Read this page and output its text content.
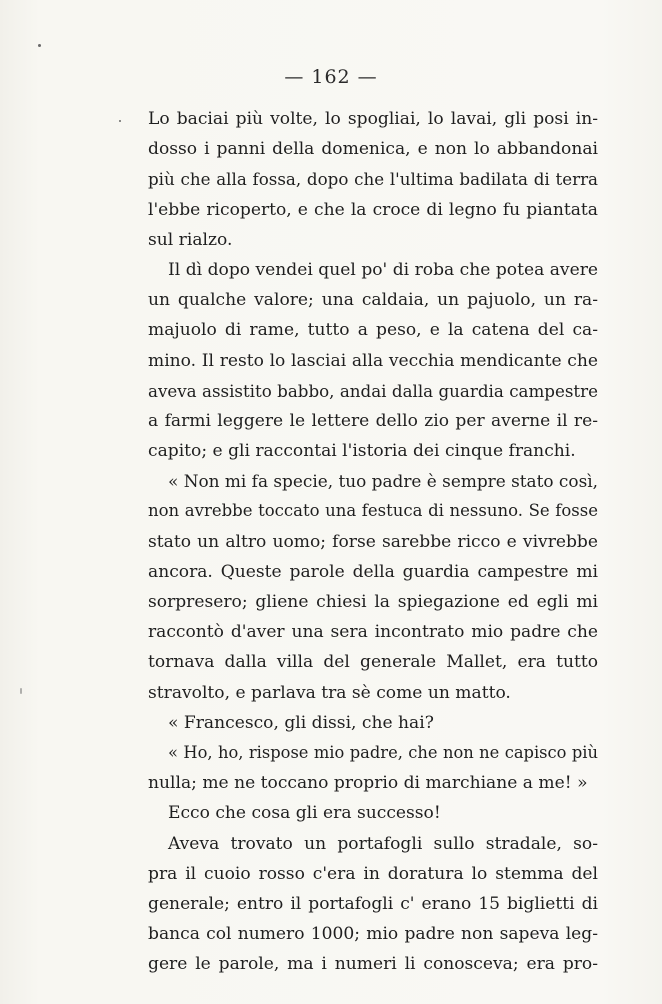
— 162 —
Lo baciai più volte, lo spogliai, lo lavai, gli posi in-
dosso i panni della domenica, e non lo abbandonai
più che alla fossa, dopo che l'ultima badilata di terra
l'ebbe ricoperto, e che la croce di legno fu piantata
sul rialzo.
Il dì dopo vendei quel po' di roba che potea avere
un qualche valore; una caldaia, un pajuolo, un ra-
majuolo di rame, tutto a peso, e la catena del ca-
mino. Il resto lo lasciai alla vecchia mendicante che
aveva assistito babbo, andai dalla guardia campestre
a farmi leggere le lettere dello zio per averne il re-
capito; e gli raccontai l'istoria dei cinque franchi.
« Non mi fa specie, tuo padre è sempre stato così,
non avrebbe toccato una festuca di nessuno. Se fosse
stato un altro uomo; forse sarebbe ricco e vivrebbe
ancora. Queste parole della guardia campestre mi
sorpresero; gliene chiesi la spiegazione ed egli mi
raccontò d'aver una sera incontrato mio padre che
tornava dalla villa del generale Mallet, era tutto
stravolto, e parlava tra sè come un matto.
« Francesco, gli dissi, che hai?
« Ho, ho, rispose mio padre, che non ne capisco più
nulla; me ne toccano proprio di marchiane a me! »
Ecco che cosa gli era successo!
Aveva trovato un portafogli sullo stradale, so-
pra il cuoio rosso c'era in doratura lo stemma del
generale; entro il portafogli c' erano 15 biglietti di
banca col numero 1000; mio padre non sapeva leg-
gere le parole, ma i numeri li conosceva; era pro-
